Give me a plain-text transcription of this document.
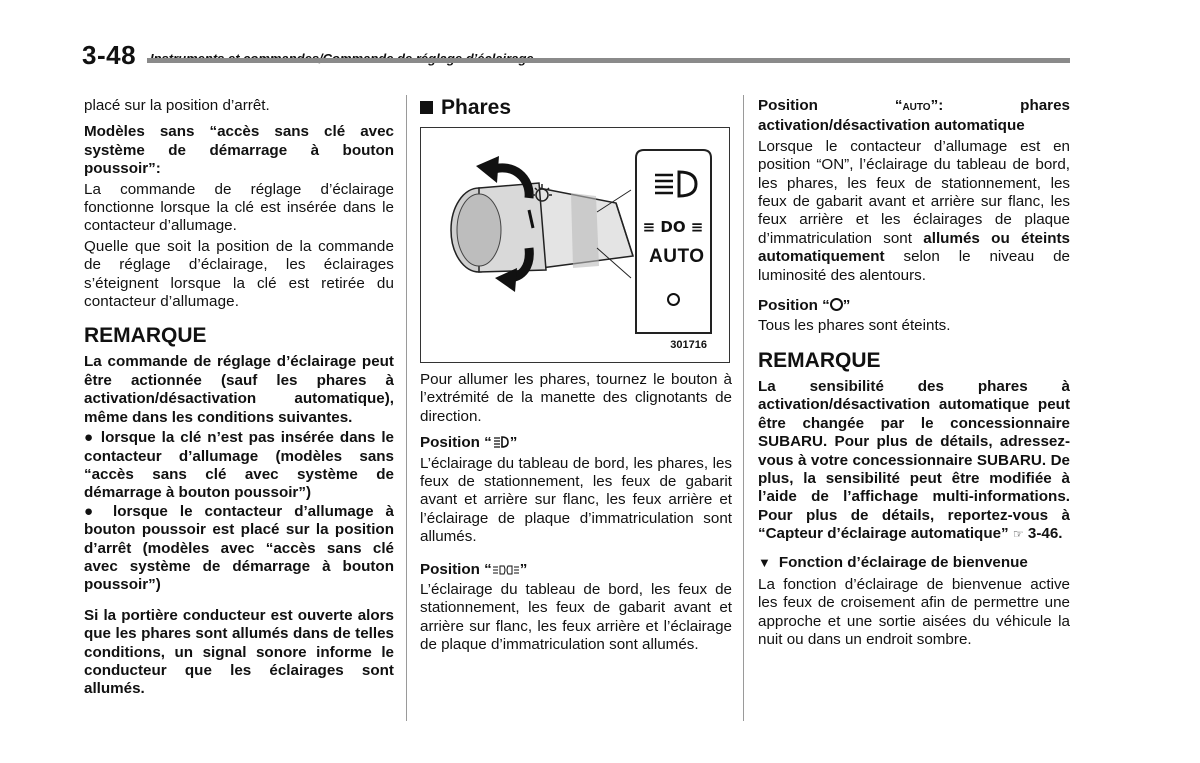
3-48

placé sur la position d’arrêt.

Modèles sans “accès sans clé avec système de démarrage à bouton poussoir”:

La commande de réglage d’éclairage fonctionne lorsque la clé est insérée dans le contacteur d’allumage.

Quelle que soit la position de la commande de réglage d’éclairage, les éclairages s’éteignent lorsque la clé est retirée du contacteur d’allumage.

REMARQUE

La commande de réglage d’éclairage peut être actionnée (sauf les phares à activation/désactivation automatique), même dans les conditions suivantes.

● lorsque la clé n’est pas insérée dans le contacteur d’allumage (modèles sans “accès sans clé avec système de démarrage à bouton poussoir”)

● lorsque le contacteur d’allumage à bouton poussoir est placé sur la position d’arrêt (modèles avec “accès sans clé avec système de démarrage à bouton poussoir”)

Si la portière conducteur est ouverte alors que les phares sont allumés dans de telles conditions, un signal sonore informe le conducteur que les éclairages sont allumés.

Phares
≡ DO ≡
AUTO
301716

Pour allumer les phares, tournez le bouton à l’extrémité de la manette des clignotants de direction.

Position “ ”

L’éclairage du tableau de bord, les phares, les feux de stationnement, les feux de gabarit avant et arrière sur flanc, les feux arrière et l’éclairage de plaque d’immatriculation sont allumés.

Position “ ”

L’éclairage du tableau de bord, les feux de stationnement, les feux de gabarit avant et arrière sur flanc, les feux arrière et l’éclairage de plaque d’immatriculation sont allumés.

Position “AUTO”: phares activation/désactivation automatique

Lorsque le contacteur d’allumage est en position “ON”, l’éclairage du tableau de bord, les phares, les feux de stationnement, les feux de gabarit avant et arrière sur flanc, les feux arrière et les éclairages de plaque d’immatriculation sont allumés ou éteints automatiquement selon le niveau de luminosité des alentours.

Position “ ”

Tous les phares sont éteints.

REMARQUE

La sensibilité des phares à activation/désactivation automatique peut être changée par le concessionnaire SUBARU. Pour plus de détails, adressez-vous à votre concessionnaire SUBARU. De plus, la sensibilité peut être modifiée à l’aide de l’affichage multi-informations. Pour plus de détails, reportez-vous à “Capteur d’éclairage automatique” ☞ 3-46.

▼ Fonction d’éclairage de bienvenue

La fonction d’éclairage de bienvenue active les feux de croisement afin de permettre une approche et une sortie aisées du véhicule la nuit ou dans un endroit sombre.
